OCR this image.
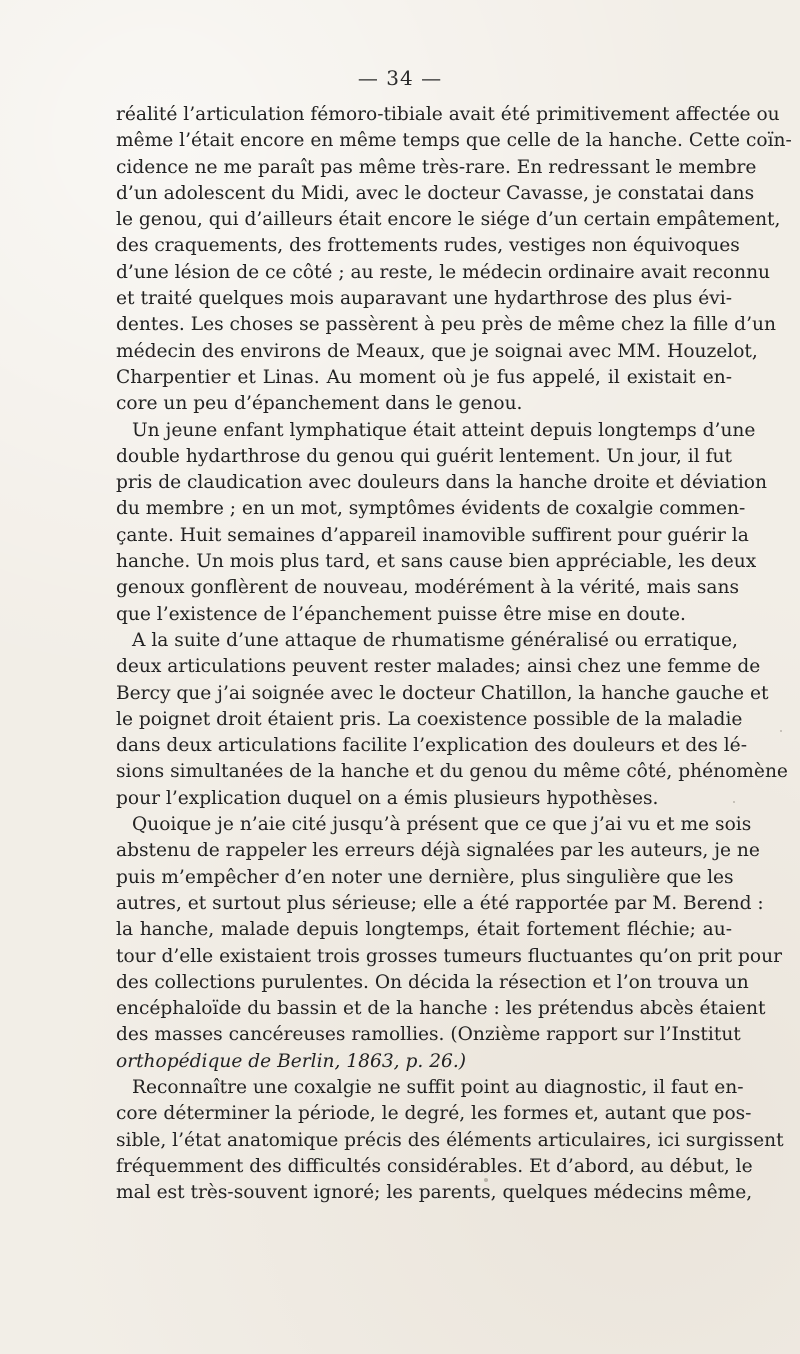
— 34 —
réalité l’articulation fémoro-tibiale avait été primitivement affectée ou
même l’était encore en même temps que celle de la hanche. Cette coïn-
cidence ne me paraît pas même très-rare. En redressant le membre
d’un adolescent du Midi, avec le docteur Cavasse, je constatai dans
le genou, qui d’ailleurs était encore le siége d’un certain empâtement,
des craquements, des frottements rudes, vestiges non équivoques
d’une lésion de ce côté ; au reste, le médecin ordinaire avait reconnu
et traité quelques mois auparavant une hydarthrose des plus évi-
dentes. Les choses se passèrent à peu près de même chez la fille d’un
médecin des environs de Meaux, que je soignai avec MM. Houzelot,
Charpentier et Linas. Au moment où je fus appelé, il existait en-
core un peu d’épanchement dans le genou.
Un jeune enfant lymphatique était atteint depuis longtemps d’une
double hydarthrose du genou qui guérit lentement. Un jour, il fut
pris de claudication avec douleurs dans la hanche droite et déviation
du membre ; en un mot, symptômes évidents de coxalgie commen-
çante. Huit semaines d’appareil inamovible suffirent pour guérir la
hanche. Un mois plus tard, et sans cause bien appréciable, les deux
genoux gonflèrent de nouveau, modérément à la vérité, mais sans
que l’existence de l’épanchement puisse être mise en doute.
A la suite d’une attaque de rhumatisme généralisé ou erratique,
deux articulations peuvent rester malades; ainsi chez une femme de
Bercy que j’ai soignée avec le docteur Chatillon, la hanche gauche et
le poignet droit étaient pris. La coexistence possible de la maladie
dans deux articulations facilite l’explication des douleurs et des lé-
sions simultanées de la hanche et du genou du même côté, phénomène
pour l’explication duquel on a émis plusieurs hypothèses.
Quoique je n’aie cité jusqu’à présent que ce que j’ai vu et me sois
abstenu de rappeler les erreurs déjà signalées par les auteurs, je ne
puis m’empêcher d’en noter une dernière, plus singulière que les
autres, et surtout plus sérieuse; elle a été rapportée par M. Berend :
la hanche, malade depuis longtemps, était fortement fléchie; au-
tour d’elle existaient trois grosses tumeurs fluctuantes qu’on prit pour
des collections purulentes. On décida la résection et l’on trouva un
encéphaloïde du bassin et de la hanche : les prétendus abcès étaient
des masses cancéreuses ramollies. (Onzième rapport sur l’Institut
orthopédique de Berlin, 1863, p. 26.)
Reconnaître une coxalgie ne suffit point au diagnostic, il faut en-
core déterminer la période, le degré, les formes et, autant que pos-
sible, l’état anatomique précis des éléments articulaires, ici surgissent
fréquemment des difficultés considérables. Et d’abord, au début, le
mal est très-souvent ignoré; les parents, quelques médecins même,
